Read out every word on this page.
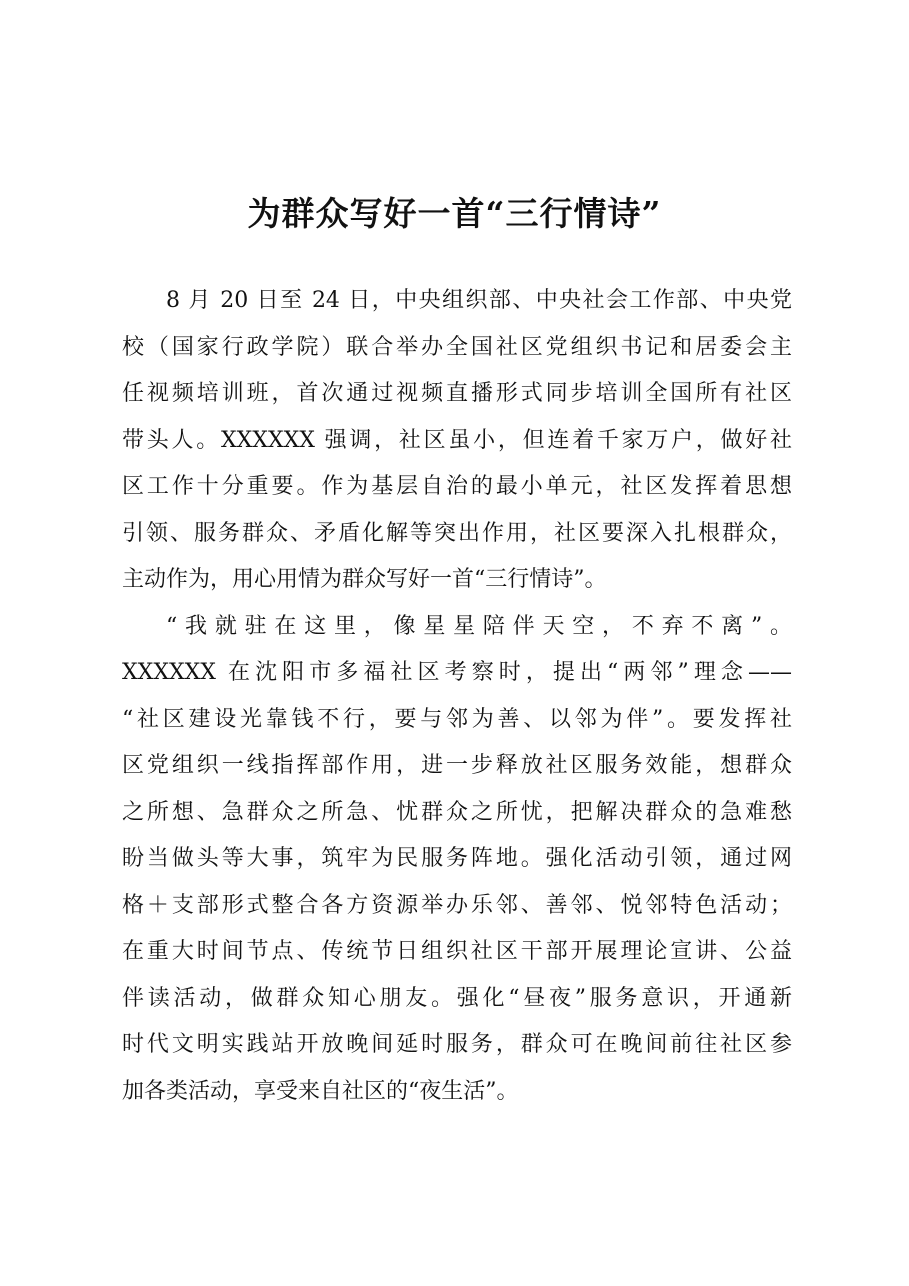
为群众写好一首“三行情诗”
8 月 20 日至 24 日，中央组织部、中央社会工作部、中央党
校（国家行政学院）联合举办全国社区党组织书记和居委会主
任视频培训班，首次通过视频直播形式同步培训全国所有社区
带头人。XXXXXX 强调，社区虽小，但连着千家万户，做好社
区工作十分重要。作为基层自治的最小单元，社区发挥着思想
引领、服务群众、矛盾化解等突出作用，社区要深入扎根群众，
主动作为，用心用情为群众写好一首“三行情诗”。
“我就驻在这里，像星星陪伴天空，不弃不离”。
XXXXXX 在沈阳市多福社区考察时，提出“两邻”理念——
“社区建设光靠钱不行，要与邻为善、以邻为伴”。要发挥社
区党组织一线指挥部作用，进一步释放社区服务效能，想群众
之所想、急群众之所急、忧群众之所忧，把解决群众的急难愁
盼当做头等大事，筑牢为民服务阵地。强化活动引领，通过网
格＋支部形式整合各方资源举办乐邻、善邻、悦邻特色活动；
在重大时间节点、传统节日组织社区干部开展理论宣讲、公益
伴读活动，做群众知心朋友。强化“昼夜”服务意识，开通新
时代文明实践站开放晚间延时服务，群众可在晚间前往社区参
加各类活动，享受来自社区的“夜生活”。
